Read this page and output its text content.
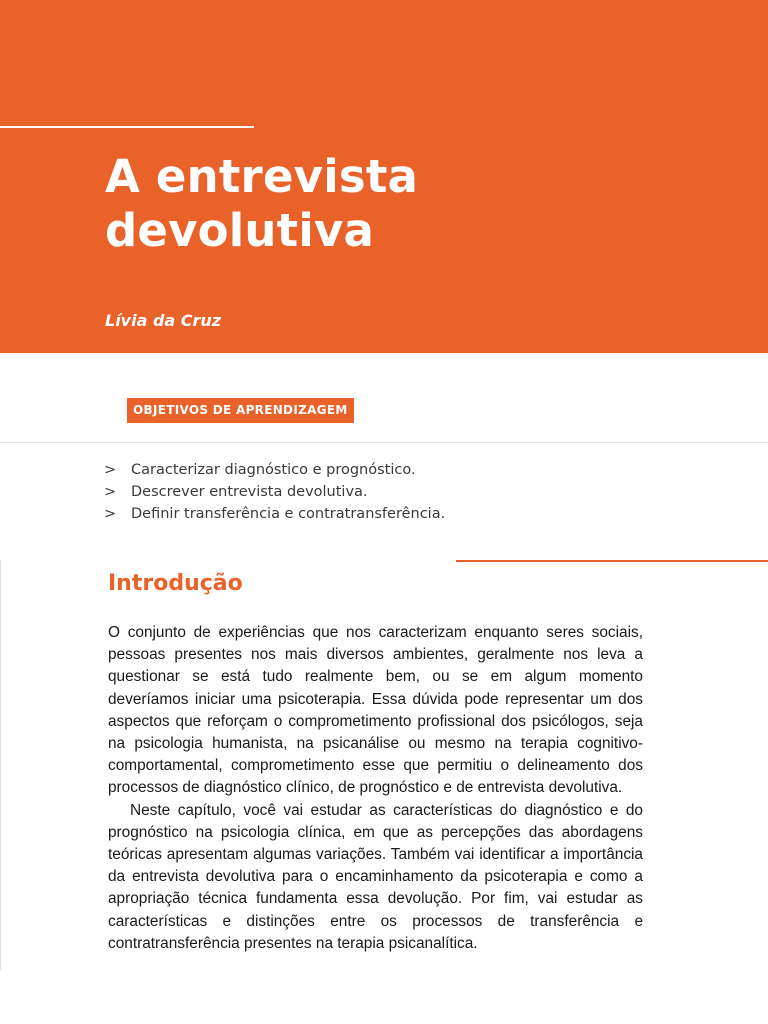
A entrevista
devolutiva

Lívia da Cruz

OBJETIVOS DE APRENDIZAGEM
>	Caracterizar diagnóstico e prognóstico.
>	Descrever entrevista devolutiva.
>	Definir transferência e contratransferência.
Introdução

O conjunto de experiências que nos caracterizam enquanto seres sociais, pessoas presentes nos mais diversos ambientes, geralmente nos leva a questionar se está tudo realmente bem, ou se em algum momento deveríamos iniciar uma psicoterapia. Essa dúvida pode representar um dos aspectos que reforçam o comprometimento profissional dos psicólogos, seja na psicologia humanista, na psicanálise ou mesmo na terapia cognitivo-comportamental, comprometimento esse que permitiu o delineamento dos processos de diagnóstico clínico, de prognóstico e de entrevista devolutiva.

Neste capítulo, você vai estudar as características do diagnóstico e do prognóstico na psicologia clínica, em que as percepções das abordagens teóricas apresentam algumas variações. Também vai identificar a importância da entrevista devolutiva para o encaminhamento da psicoterapia e como a apropriação técnica fundamenta essa devolução. Por fim, vai estudar as características e distinções entre os processos de transferência e contratransferência presentes na terapia psicanalítica.
